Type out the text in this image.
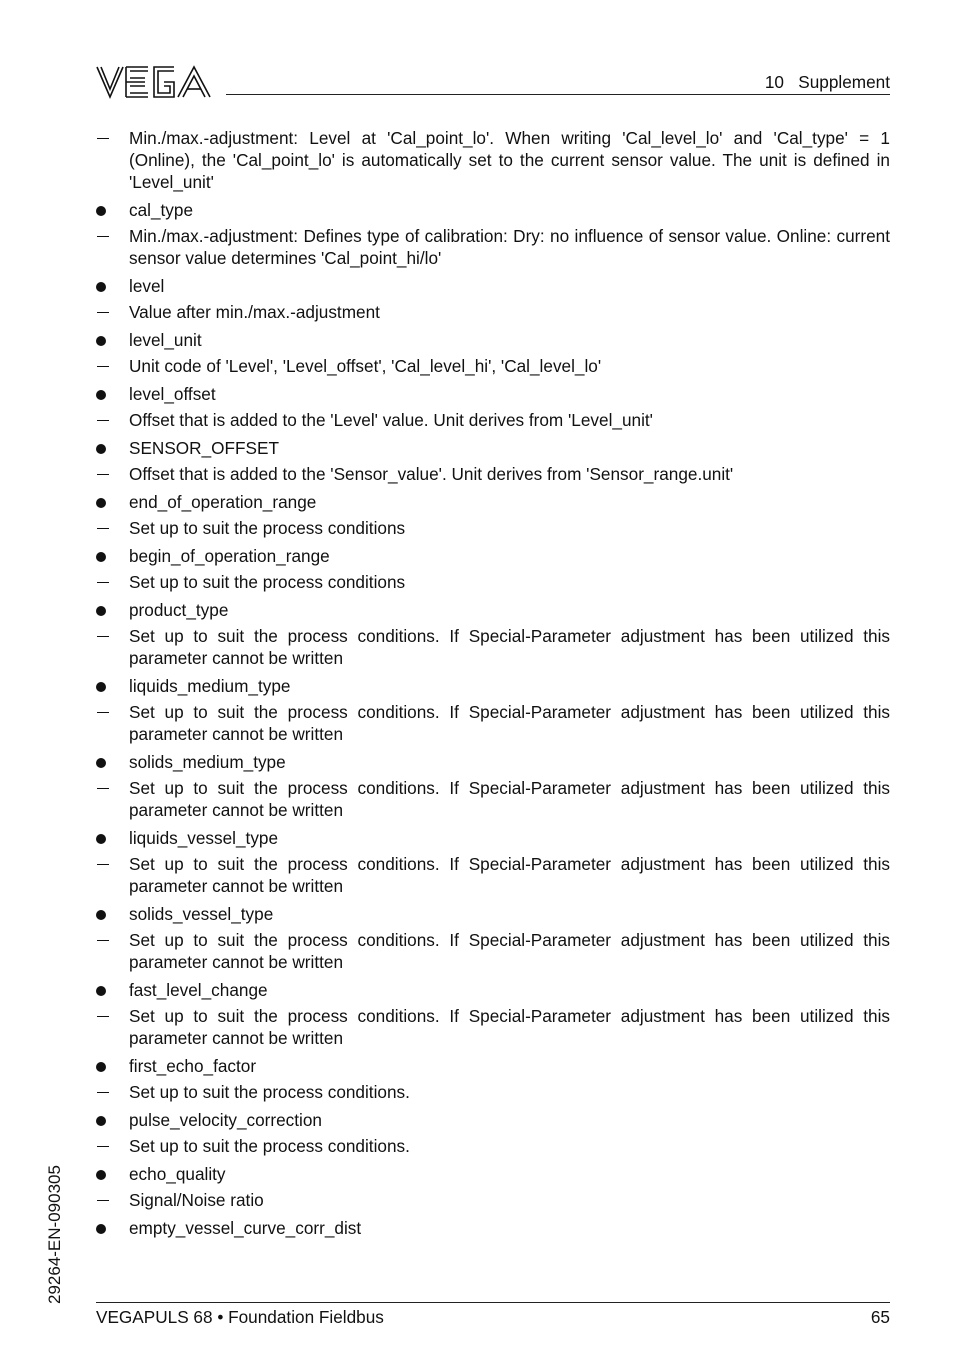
10   Supplement
Min./max.-adjustment: Level at 'Cal_point_lo'. When writing 'Cal_level_lo' and 'Cal_type' = 1 (Online), the 'Cal_point_lo' is automatically set to the current sensor value. The unit is defined in 'Level_unit'
cal_type
Min./max.-adjustment: Defines type of calibration: Dry: no influence of sensor value. Online: current sensor value determines 'Cal_point_hi/lo'
level
Value after min./max.-adjustment
level_unit
Unit code of 'Level', 'Level_offset', 'Cal_level_hi', 'Cal_level_lo'
level_offset
Offset that is added to the 'Level' value. Unit derives from 'Level_unit'
SENSOR_OFFSET
Offset that is added to the 'Sensor_value'. Unit derives from 'Sensor_range.unit'
end_of_operation_range
Set up to suit the process conditions
begin_of_operation_range
Set up to suit the process conditions
product_type
Set up to suit the process conditions. If Special-Parameter adjustment has been utilized this parameter cannot be written
liquids_medium_type
Set up to suit the process conditions. If Special-Parameter adjustment has been utilized this parameter cannot be written
solids_medium_type
Set up to suit the process conditions. If Special-Parameter adjustment has been utilized this parameter cannot be written
liquids_vessel_type
Set up to suit the process conditions. If Special-Parameter adjustment has been utilized this parameter cannot be written
solids_vessel_type
Set up to suit the process conditions. If Special-Parameter adjustment has been utilized this parameter cannot be written
fast_level_change
Set up to suit the process conditions. If Special-Parameter adjustment has been utilized this parameter cannot be written
first_echo_factor
Set up to suit the process conditions.
pulse_velocity_correction
Set up to suit the process conditions.
echo_quality
Signal/Noise ratio
empty_vessel_curve_corr_dist
29264-EN-090305
VEGAPULS 68 • Foundation Fieldbus	65
